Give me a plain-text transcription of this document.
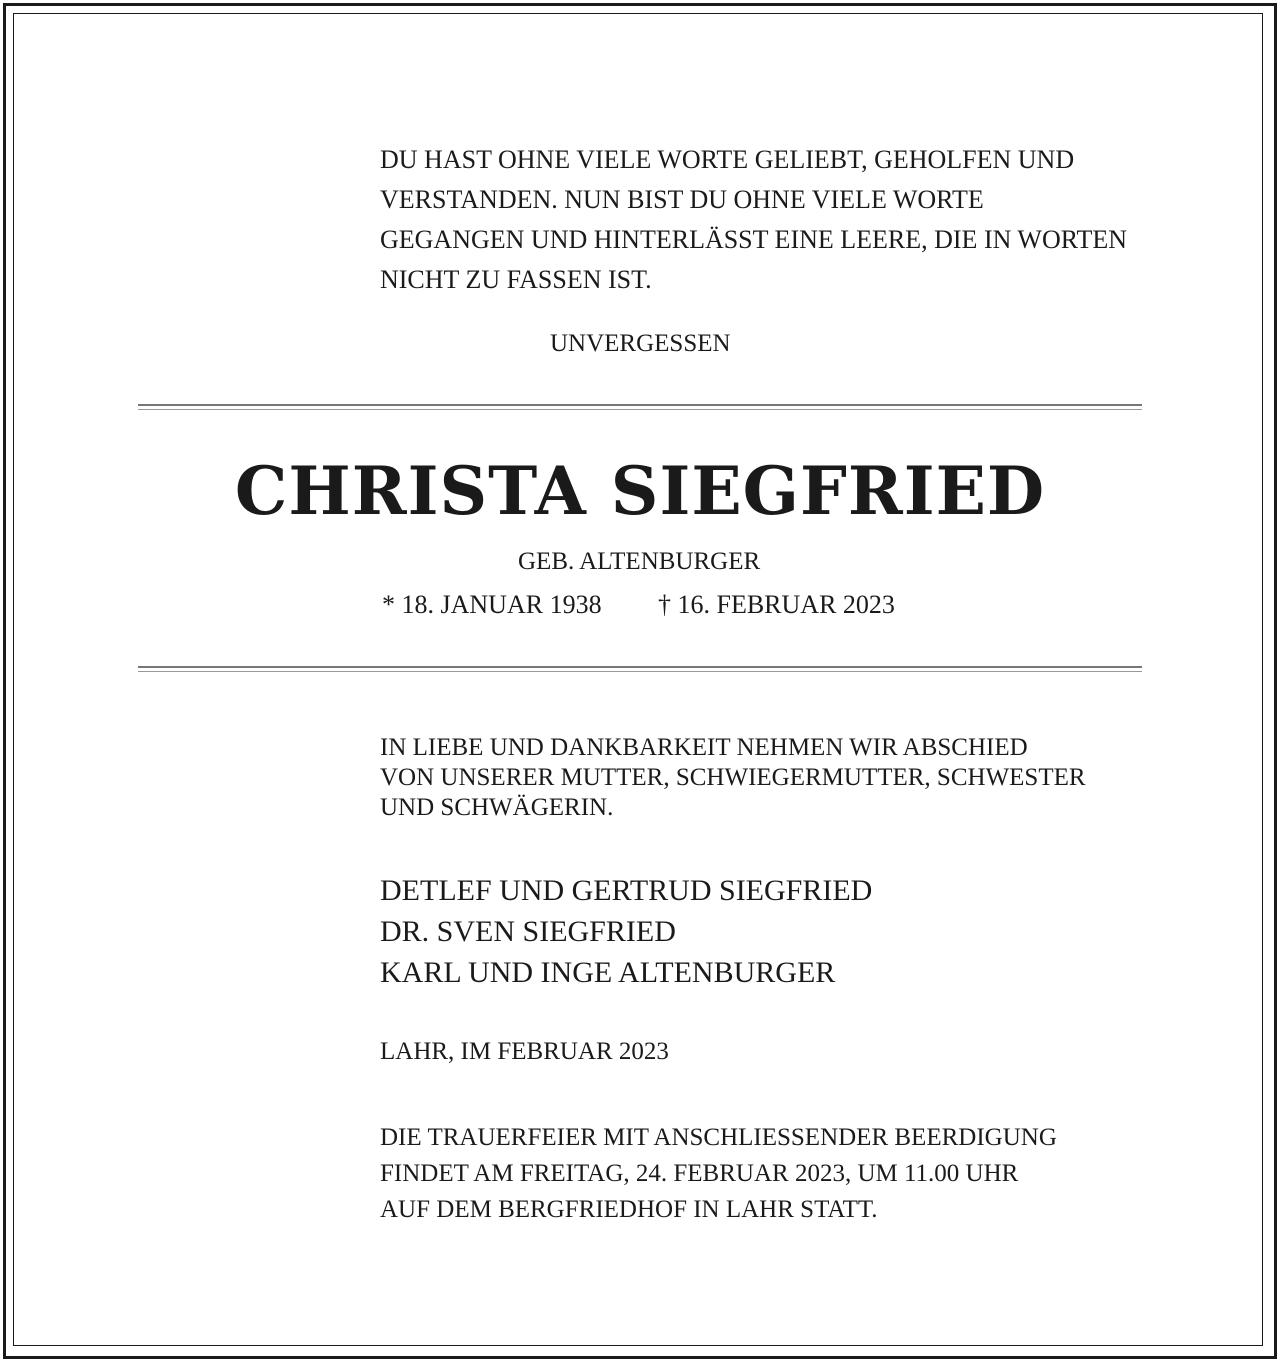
DU HAST OHNE VIELE WORTE GELIEBT, GEHOLFEN UND
VERSTANDEN. NUN BIST DU OHNE VIELE WORTE
GEGANGEN UND HINTERLÄSST EINE LEERE, DIE IN WORTEN
NICHT ZU FASSEN IST.
UNVERGESSEN
CHRISTA SIEGFRIED
GEB. ALTENBURGER
* 18. JANUAR 1938 † 16. FEBRUAR 2023
IN LIEBE UND DANKBARKEIT NEHMEN WIR ABSCHIED
VON UNSERER MUTTER, SCHWIEGERMUTTER, SCHWESTER
UND SCHWÄGERIN.
DETLEF UND GERTRUD SIEGFRIED
DR. SVEN SIEGFRIED
KARL UND INGE ALTENBURGER
LAHR, IM FEBRUAR 2023
DIE TRAUERFEIER MIT ANSCHLIESSENDER BEERDIGUNG
FINDET AM FREITAG, 24. FEBRUAR 2023, UM 11.00 UHR
AUF DEM BERGFRIEDHOF IN LAHR STATT.
